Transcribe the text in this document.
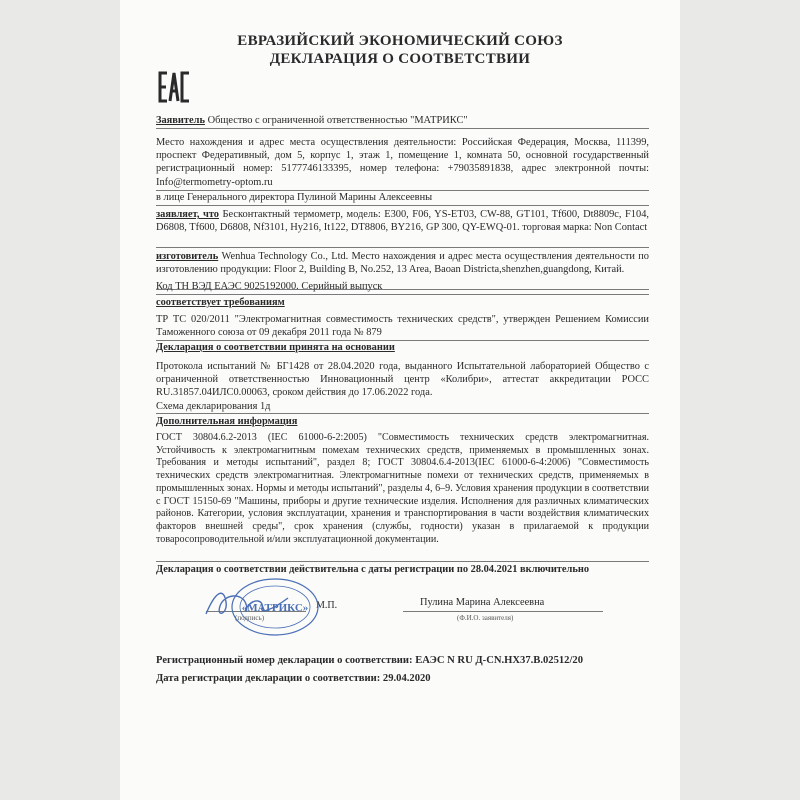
ЕВРАЗИЙСКИЙ ЭКОНОМИЧЕСКИЙ СОЮЗ
ДЕКЛАРАЦИЯ О СООТВЕТСТВИИ
Заявитель Общество с ограниченной ответственностью "МАТРИКС"
Место нахождения и адрес места осуществления деятельности: Российская Федерация, Москва, 111399, проспект Федеративный, дом 5, корпус 1, этаж 1, помещение 1, комната 50, основной государственный регистрационный номер: 5177746133395, номер телефона: +79035891838, адрес электронной почты: Info@termometry-optom.ru
в лице Генерального директора Пулиной Марины Алексеевны
заявляет, что Бесконтактный термометр, модель: E300, F06, YS-ET03, CW-88, GT101, Tf600, Dt8809c, F104, D6808, Tf600, D6808, Nf3101, Hy216, It122, DT8806, BY216, GP 300, QY-EWQ-01. торговая марка: Non Contact
изготовитель Wenhua Technology Co., Ltd. Место нахождения и адрес места осуществления деятельности по изготовлению продукции: Floor 2, Building B, No.252, 13 Area, Baoan Districta,shenzhen,guangdong, Китай.
Код ТН ВЭД ЕАЭС 9025192000. Серийный выпуск
соответствует требованиям
ТР ТС 020/2011 "Электромагнитная совместимость технических средств", утвержден Решением Комиссии Таможенного союза от 09 декабря 2011 года № 879
Декларация о соответствии принята на основании
Протокола испытаний № БГ1428 от 28.04.2020 года, выданного Испытательной лабораторией Общество с ограниченной ответственностью Инновационный центр «Колибри», аттестат аккредитации РОСС RU.31857.04ИЛС0.00063, сроком действия до 17.06.2022 года.
Схема декларирования 1д
Дополнительная информация
ГОСТ 30804.6.2-2013 (IEC 61000-6-2:2005) "Совместимость технических средств электромагнитная. Устойчивость к электромагнитным помехам технических средств, применяемых в промышленных зонах. Требования и методы испытаний", раздел 8; ГОСТ 30804.6.4-2013(IEC 61000-6-4:2006) "Совместимость технических средств электромагнитная. Электромагнитные помехи от технических средств, применяемых в промышленных зонах. Нормы и методы испытаний", разделы 4, 6–9. Условия хранения продукции в соответствии с ГОСТ 15150-69 "Машины, приборы и другие технические изделия. Исполнения для различных климатических районов. Категории, условия эксплуатации, хранения и транспортирования в части воздействия климатических факторов внешней среды", срок хранения (службы, годности) указан в прилагаемой к продукции товаросопроводительной и/или эксплуатационной документации.
Декларация о соответствии действительна с даты регистрации по 28.04.2021 включительно
(подпись)
М.П.
«МАТРИКС»	Пулина Марина Алексеевна
(Ф.И.О. заявителя)
Регистрационный номер декларации о соответствии: ЕАЭС N RU Д-CN.НХ37.В.02512/20
Дата регистрации декларации о соответствии: 29.04.2020
